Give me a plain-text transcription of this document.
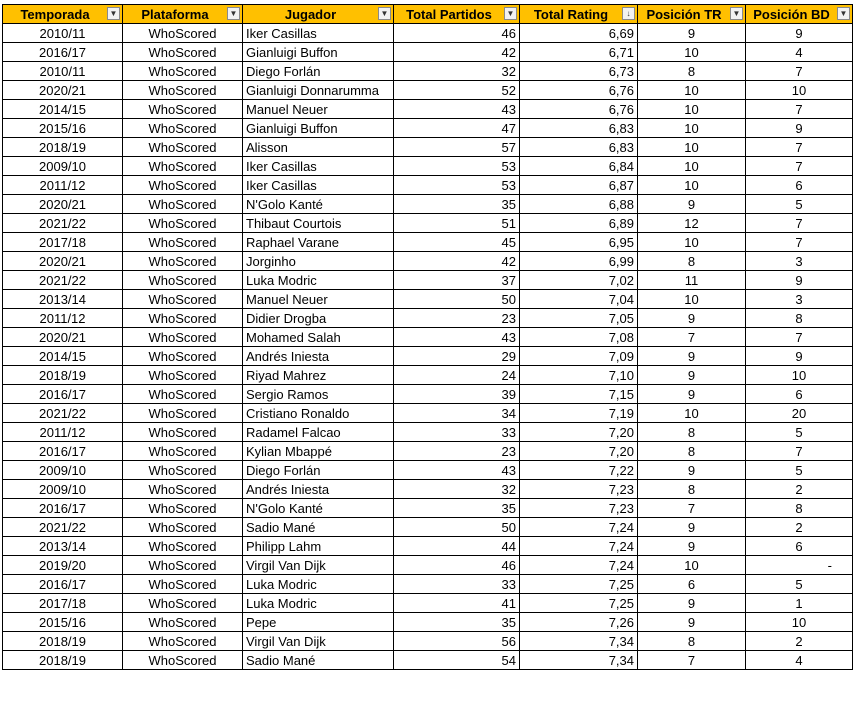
Temporada ▼	Plataforma ▼	Jugador ▼	Total Partidos ▼	Total Rating ↓	Posición TR ▼	Posición BD ▼

2010/11	WhoScored	Iker Casillas	46	6,69	9	9
2016/17	WhoScored	Gianluigi Buffon	42	6,71	10	4
2010/11	WhoScored	Diego Forlán	32	6,73	8	7
2020/21	WhoScored	Gianluigi Donnarumma	52	6,76	10	10
2014/15	WhoScored	Manuel Neuer	43	6,76	10	7
2015/16	WhoScored	Gianluigi Buffon	47	6,83	10	9
2018/19	WhoScored	Alisson	57	6,83	10	7
2009/10	WhoScored	Iker Casillas	53	6,84	10	7
2011/12	WhoScored	Iker Casillas	53	6,87	10	6
2020/21	WhoScored	N'Golo Kanté	35	6,88	9	5
2021/22	WhoScored	Thibaut Courtois	51	6,89	12	7
2017/18	WhoScored	Raphael Varane	45	6,95	10	7
2020/21	WhoScored	Jorginho	42	6,99	8	3
2021/22	WhoScored	Luka Modric	37	7,02	11	9
2013/14	WhoScored	Manuel Neuer	50	7,04	10	3
2011/12	WhoScored	Didier Drogba	23	7,05	9	8
2020/21	WhoScored	Mohamed Salah	43	7,08	7	7
2014/15	WhoScored	Andrés Iniesta	29	7,09	9	9
2018/19	WhoScored	Riyad Mahrez	24	7,10	9	10
2016/17	WhoScored	Sergio Ramos	39	7,15	9	6
2021/22	WhoScored	Cristiano Ronaldo	34	7,19	10	20
2011/12	WhoScored	Radamel Falcao	33	7,20	8	5
2016/17	WhoScored	Kylian Mbappé	23	7,20	8	7
2009/10	WhoScored	Diego Forlán	43	7,22	9	5
2009/10	WhoScored	Andrés Iniesta	32	7,23	8	2
2016/17	WhoScored	N'Golo Kanté	35	7,23	7	8
2021/22	WhoScored	Sadio Mané	50	7,24	9	2
2013/14	WhoScored	Philipp Lahm	44	7,24	9	6
2019/20	WhoScored	Virgil Van Dijk	46	7,24	10	-
2016/17	WhoScored	Luka Modric	33	7,25	6	5
2017/18	WhoScored	Luka Modric	41	7,25	9	1
2015/16	WhoScored	Pepe	35	7,26	9	10
2018/19	WhoScored	Virgil Van Dijk	56	7,34	8	2
2018/19	WhoScored	Sadio Mané	54	7,34	7	4
